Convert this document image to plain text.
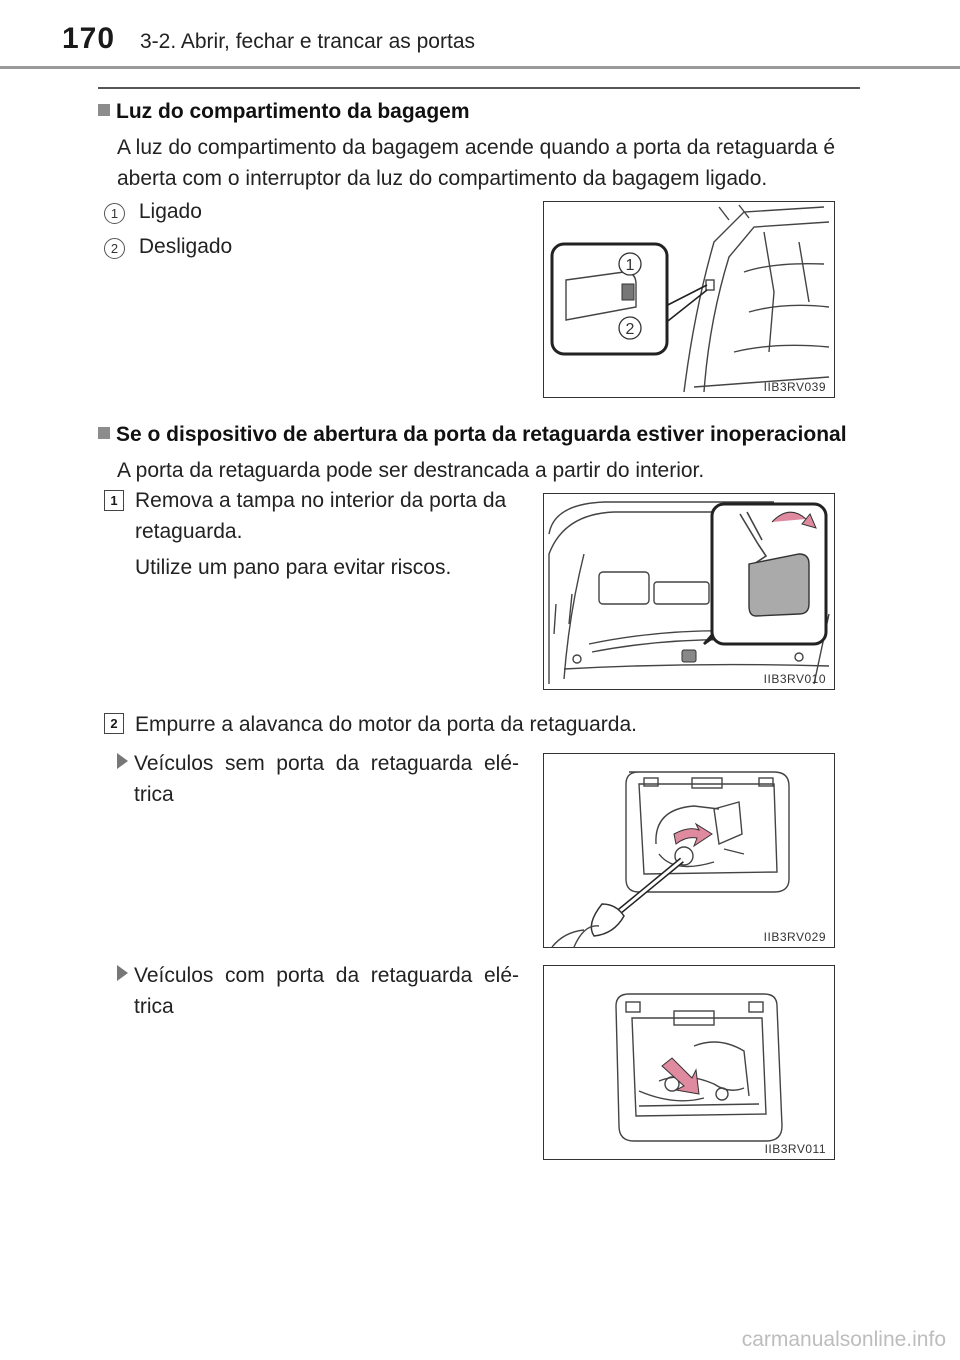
170 3-2. Abrir, fechar e trancar as portas
Luz do compartimento da bagagem
A luz do compartimento da bagagem acende quando a porta da retaguarda é
aberta com o interruptor da luz do compartimento da bagagem ligado.
1 Ligado
2 Desligado
1
2
IIB3RV039
Se o dispositivo de abertura da porta da retaguarda estiver inoperacional
A porta da retaguarda pode ser destrancada a partir do interior.
1 Remova a tampa no interior da porta da
retaguarda.
Utilize um pano para evitar riscos.
IIB3RV010
2 Empurre a alavanca do motor da porta da retaguarda.
Veículos sem porta da retaguarda elé-
trica
IIB3RV029
Veículos com porta da retaguarda elé-
trica
IIB3RV011
carmanualsonline.info
